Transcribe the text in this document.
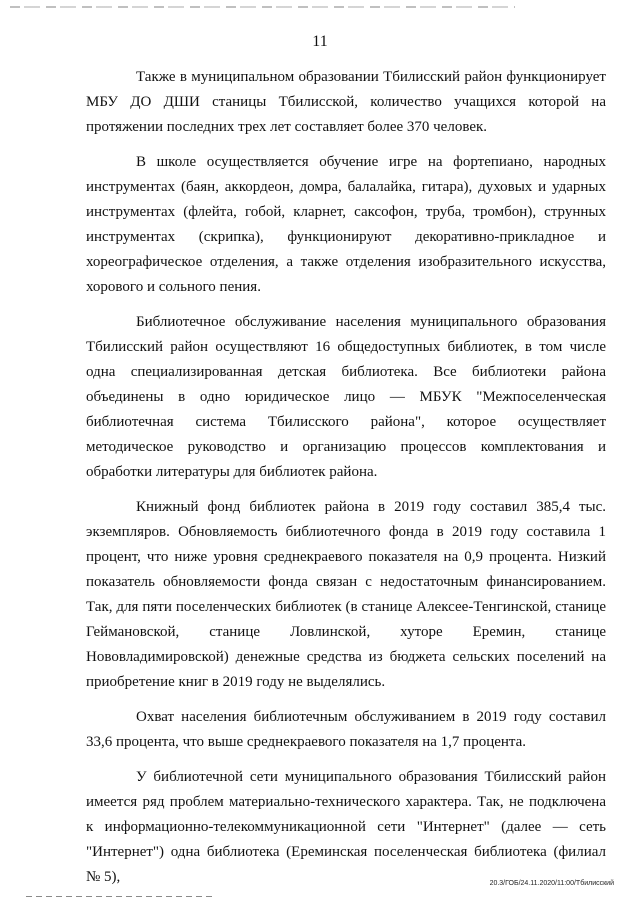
11

Также в муниципальном образовании Тбилисский район функционирует МБУ ДО ДШИ станицы Тбилисской, количество учащихся которой на протяжении последних трех лет составляет более 370 человек.

В школе осуществляется обучение игре на фортепиано, народных инструментах (баян, аккордеон, домра, балалайка, гитара), духовых и ударных инструментах (флейта, гобой, кларнет, саксофон, труба, тромбон), струнных инструментах (скрипка), функционируют декоративно-прикладное и хореографическое отделения, а также отделения изобразительного искусства, хорового и сольного пения.

Библиотечное обслуживание населения муниципального образования Тбилисский район осуществляют 16 общедоступных библиотек, в том числе одна специализированная детская библиотека. Все библиотеки района объединены в одно юридическое лицо — МБУК "Межпоселенческая библиотечная система Тбилисского района", которое осуществляет методическое руководство и организацию процессов комплектования и обработки литературы для библиотек района.

Книжный фонд библиотек района в 2019 году составил 385,4 тыс. экземпляров. Обновляемость библиотечного фонда в 2019 году составила 1 процент, что ниже уровня среднекраевого показателя на 0,9 процента. Низкий показатель обновляемости фонда связан с недостаточным финансированием. Так, для пяти поселенческих библиотек (в станице Алексее-Тенгинской, станице Геймановской, станице Ловлинской, хуторе Еремин, станице Нововладимировской) денежные средства из бюджета сельских поселений на приобретение книг в 2019 году не выделялись.

Охват населения библиотечным обслуживанием в 2019 году составил 33,6 процента, что выше среднекраевого показателя на 1,7 процента.

У библиотечной сети муниципального образования Тбилисский район имеется ряд проблем материально-технического характера. Так, не подключена к информационно-телекоммуникационной сети "Интернет" (далее — сеть "Интернет") одна библиотека (Ереминская поселенческая библиотека (филиал № 5),	20.3/ГОБ/24.11.2020/11:00/Тбилисский
